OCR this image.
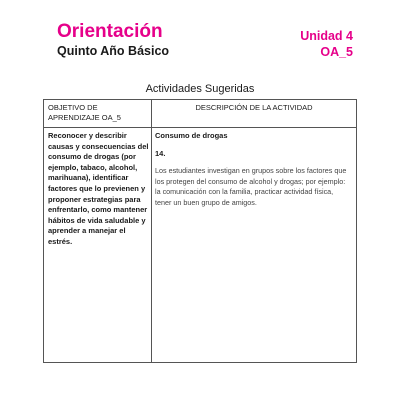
Orientación
Quinto Año Básico
Unidad 4
OA_5
Actividades Sugeridas
OBJETIVO DE APRENDIZAJE OA_5
DESCRIPCIÓN DE LA ACTIVIDAD
Reconocer y describir causas y consecuencias del consumo de drogas (por ejemplo, tabaco, alcohol, marihuana), identificar factores que lo previenen y proponer estrategias para enfrentarlo, como mantener hábitos de vida saludable y aprender a manejar el estrés.
Consumo de drogas
14.
Los estudiantes investigan en grupos sobre los factores que los protegen del consumo de alcohol y drogas; por ejemplo: la comunicación con la familia, practicar actividad física, tener un buen grupo de amigos.
